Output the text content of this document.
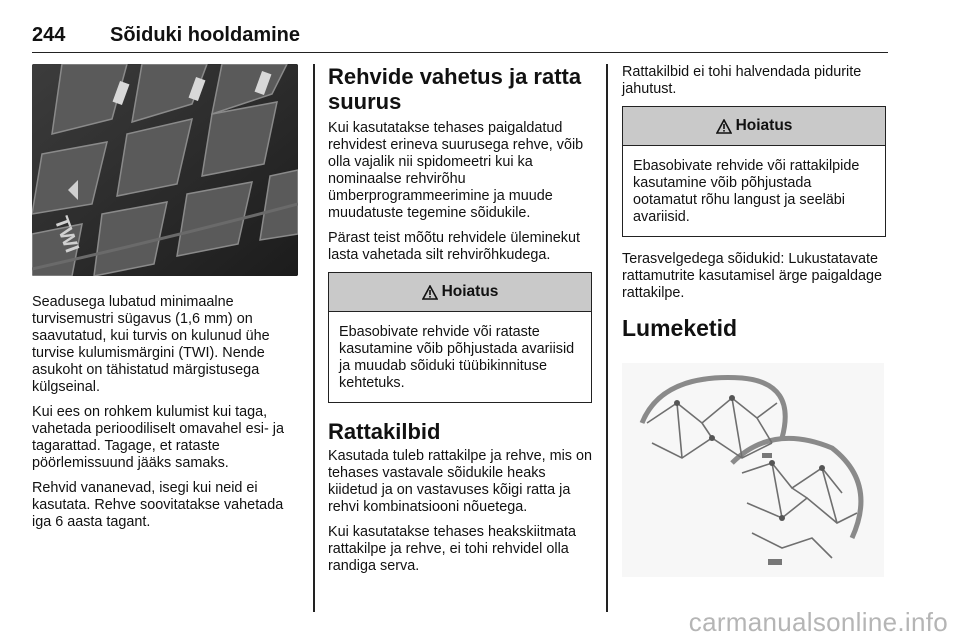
244 Sõiduki hooldamine
TWI

Seadusega lubatud minimaalne turvisemustri sügavus (1,6 mm) on saavutatud, kui turvis on kulunud ühe turvise kulumismärgini (TWI). Nende asukoht on tähistatud märgistusega külgseinal.

Kui ees on rohkem kulumist kui taga, vahetada perioodiliselt omavahel esi- ja tagarattad. Tagage, et rataste pöörlemissuund jääks samaks.

Rehvid vananevad, isegi kui neid ei kasutata. Rehve soovitatakse vahetada iga 6 aasta tagant.

Rehvide vahetus ja ratta suurus

Kui kasutatakse tehases paigaldatud rehvidest erineva suurusega rehve, võib olla vajalik nii spidomeetri kui ka nominaalse rehvirõhu ümberprogrammeerimine ja muude muudatuste tegemine sõidukile.

Pärast teist mõõtu rehvidele üleminekut lasta vahetada silt rehvirõhkudega.

Hoiatus
Ebasobivate rehvide või rataste kasutamine võib põhjustada avariisid ja muudab sõiduki tüübikinnituse kehtetuks.
Rattakilbid

Kasutada tuleb rattakilpe ja rehve, mis on tehases vastavale sõidukile heaks kiidetud ja on vastavuses kõigi ratta ja rehvi kombinatsiooni nõuetega.

Kui kasutatakse tehases heakskiitmata rattakilpe ja rehve, ei tohi rehvidel olla randiga serva.

Rattakilbid ei tohi halvendada pidurite jahutust.

Hoiatus
Ebasobivate rehvide või rattakilpide kasutamine võib põhjustada ootamatut rõhu langust ja seeläbi avariisid.

Terasvelgedega sõidukid: Lukustatavate rattamutrite kasutamisel ärge paigaldage rattakilpe.

Lumeketid
carmanualsonline.info
